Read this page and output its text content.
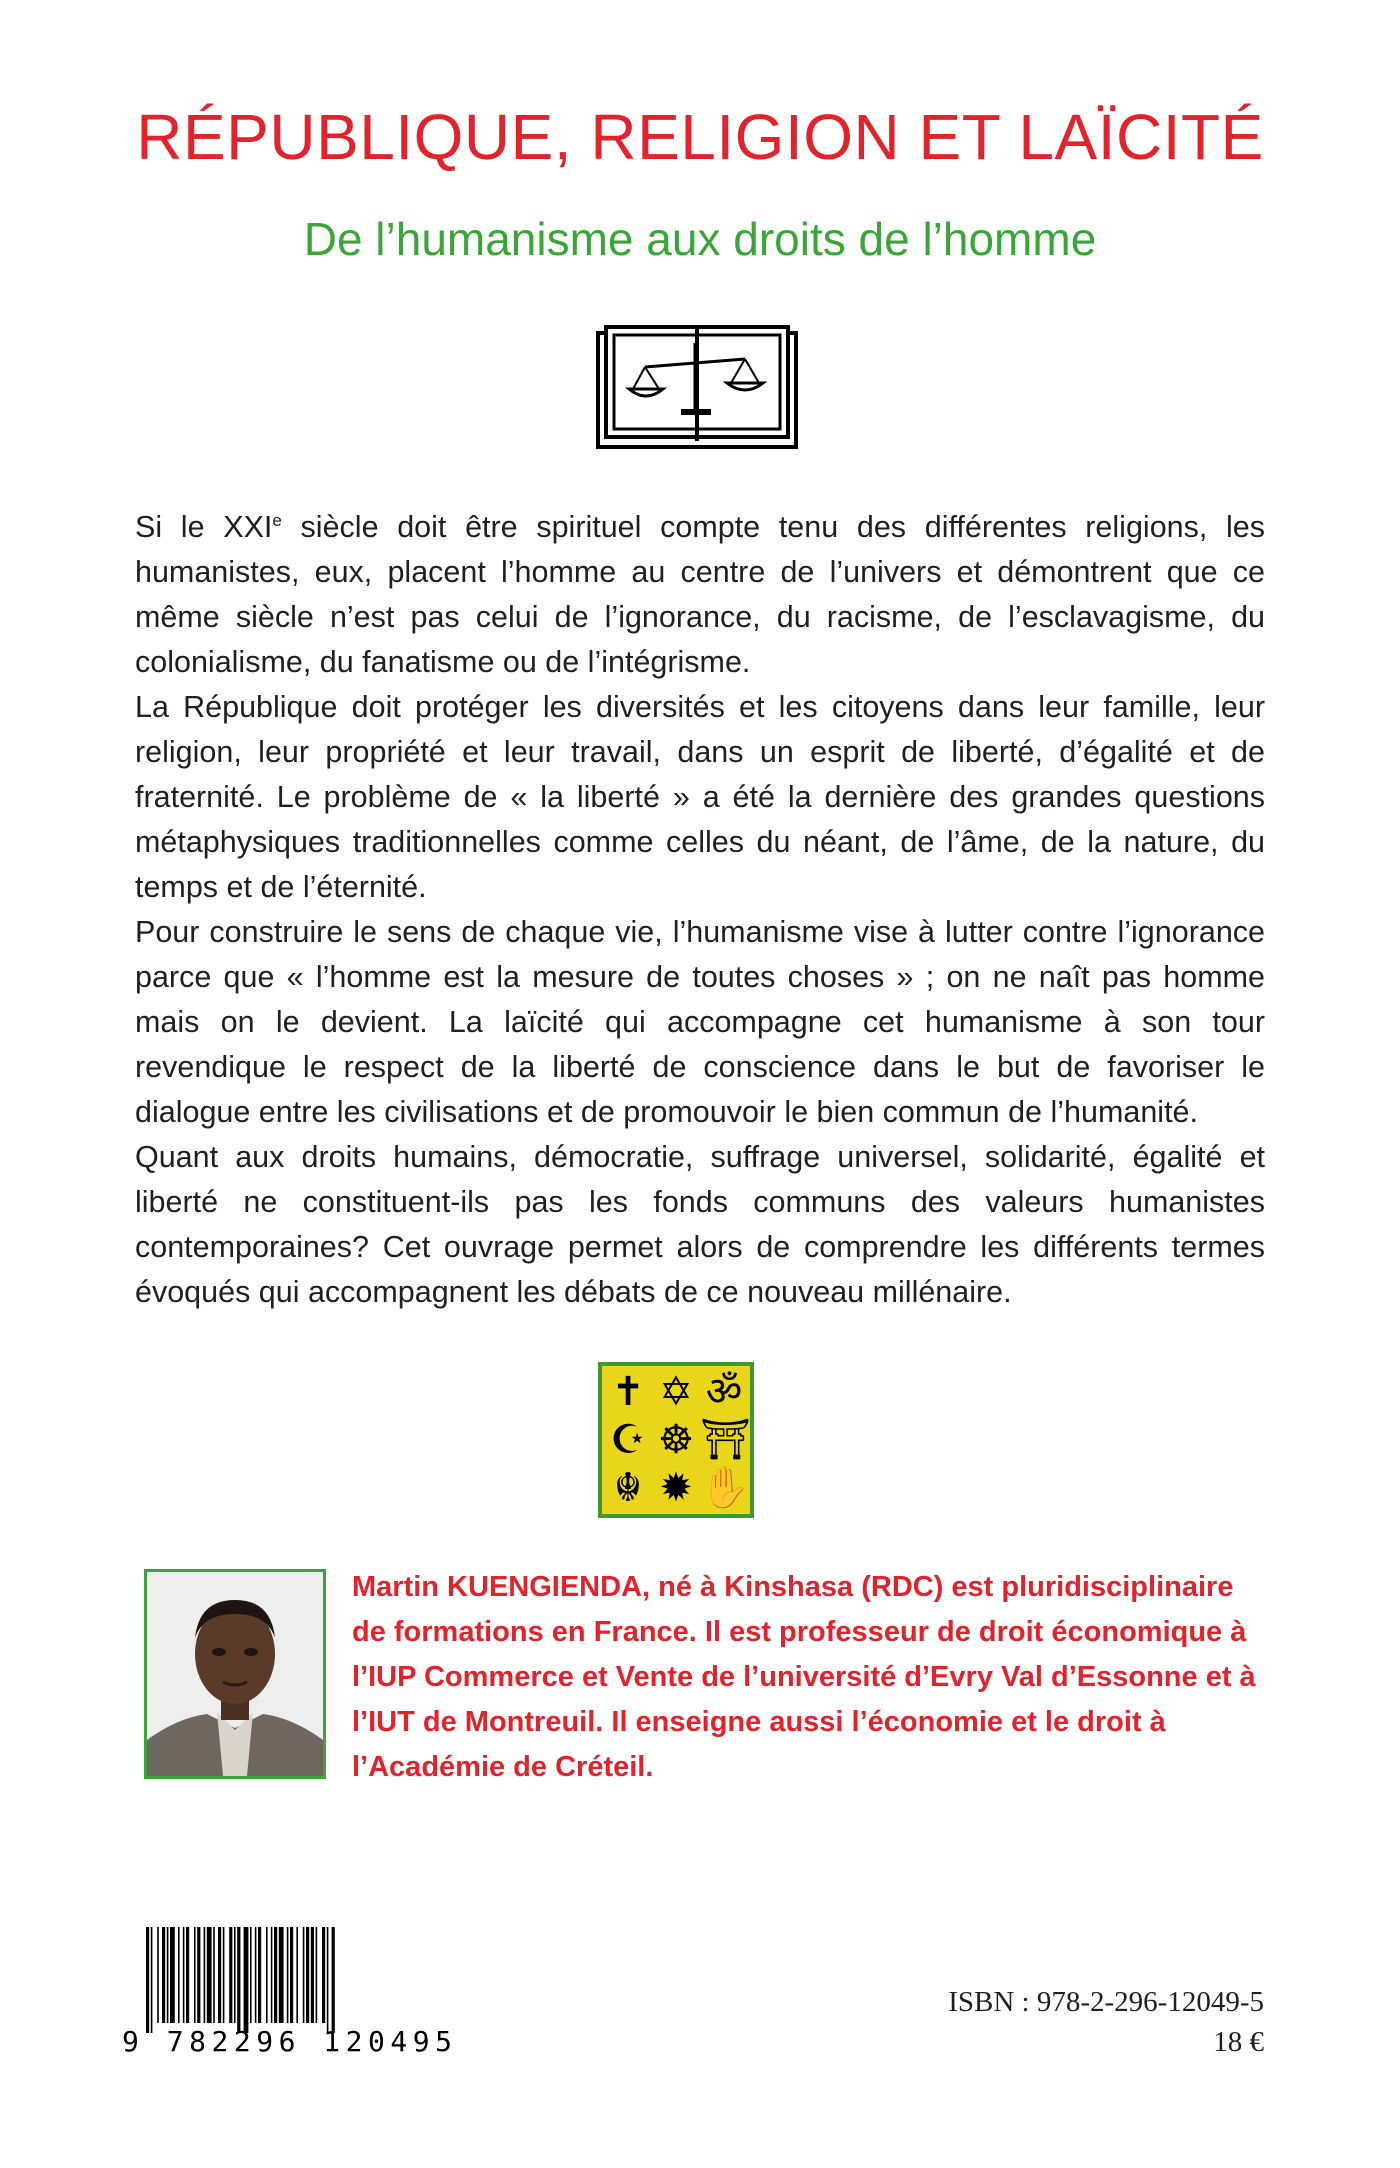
RÉPUBLIQUE, RELIGION ET LAÏCITÉ
De l’humanisme aux droits de l’homme

Si le XXIe siècle doit être spirituel compte tenu des différentes religions, les humanistes, eux, placent l’homme au centre de l’univers et démontrent que ce même siècle n’est pas celui de l’ignorance, du racisme, de l’esclavagisme, du colonialisme, du fanatisme ou de l’intégrisme.

La République doit protéger les diversités et les citoyens dans leur famille, leur religion, leur propriété et leur travail, dans un esprit de liberté, d’égalité et de fraternité. Le problème de « la liberté » a été la dernière des grandes questions métaphysiques traditionnelles comme celles du néant, de l’âme, de la nature, du temps et de l’éternité.

Pour construire le sens de chaque vie, l’humanisme vise à lutter contre l’ignorance parce que « l’homme est la mesure de toutes choses » ; on ne naît pas homme mais on le devient. La laïcité qui accompagne cet humanisme à son tour revendique le respect de la liberté de conscience dans le but de favoriser le dialogue entre les civilisations et de promouvoir le bien commun de l’humanité.

Quant aux droits humains, démocratie, suffrage universel, solidarité, égalité et liberté ne constituent-ils pas les fonds communs des valeurs humanistes contemporaines? Cet ouvrage permet alors de comprendre les différents termes évoqués qui accompagnent les débats de ce nouveau millénaire.

✝ ✡ ॐ
☪ ☸ ⛩
☬ ✹ ✋

Martin KUENGIENDA, né à Kinshasa (RDC) est pluridisciplinaire de formations en France. Il est professeur de droit économique à l’IUP Commerce et Vente de l’université d’Evry Val d’Essonne et à l’IUT de Montreuil. Il enseigne aussi l’économie et le droit à l’Académie de Créteil.

9 782296 120495
ISBN : 978-2-296-12049-5
18 €
